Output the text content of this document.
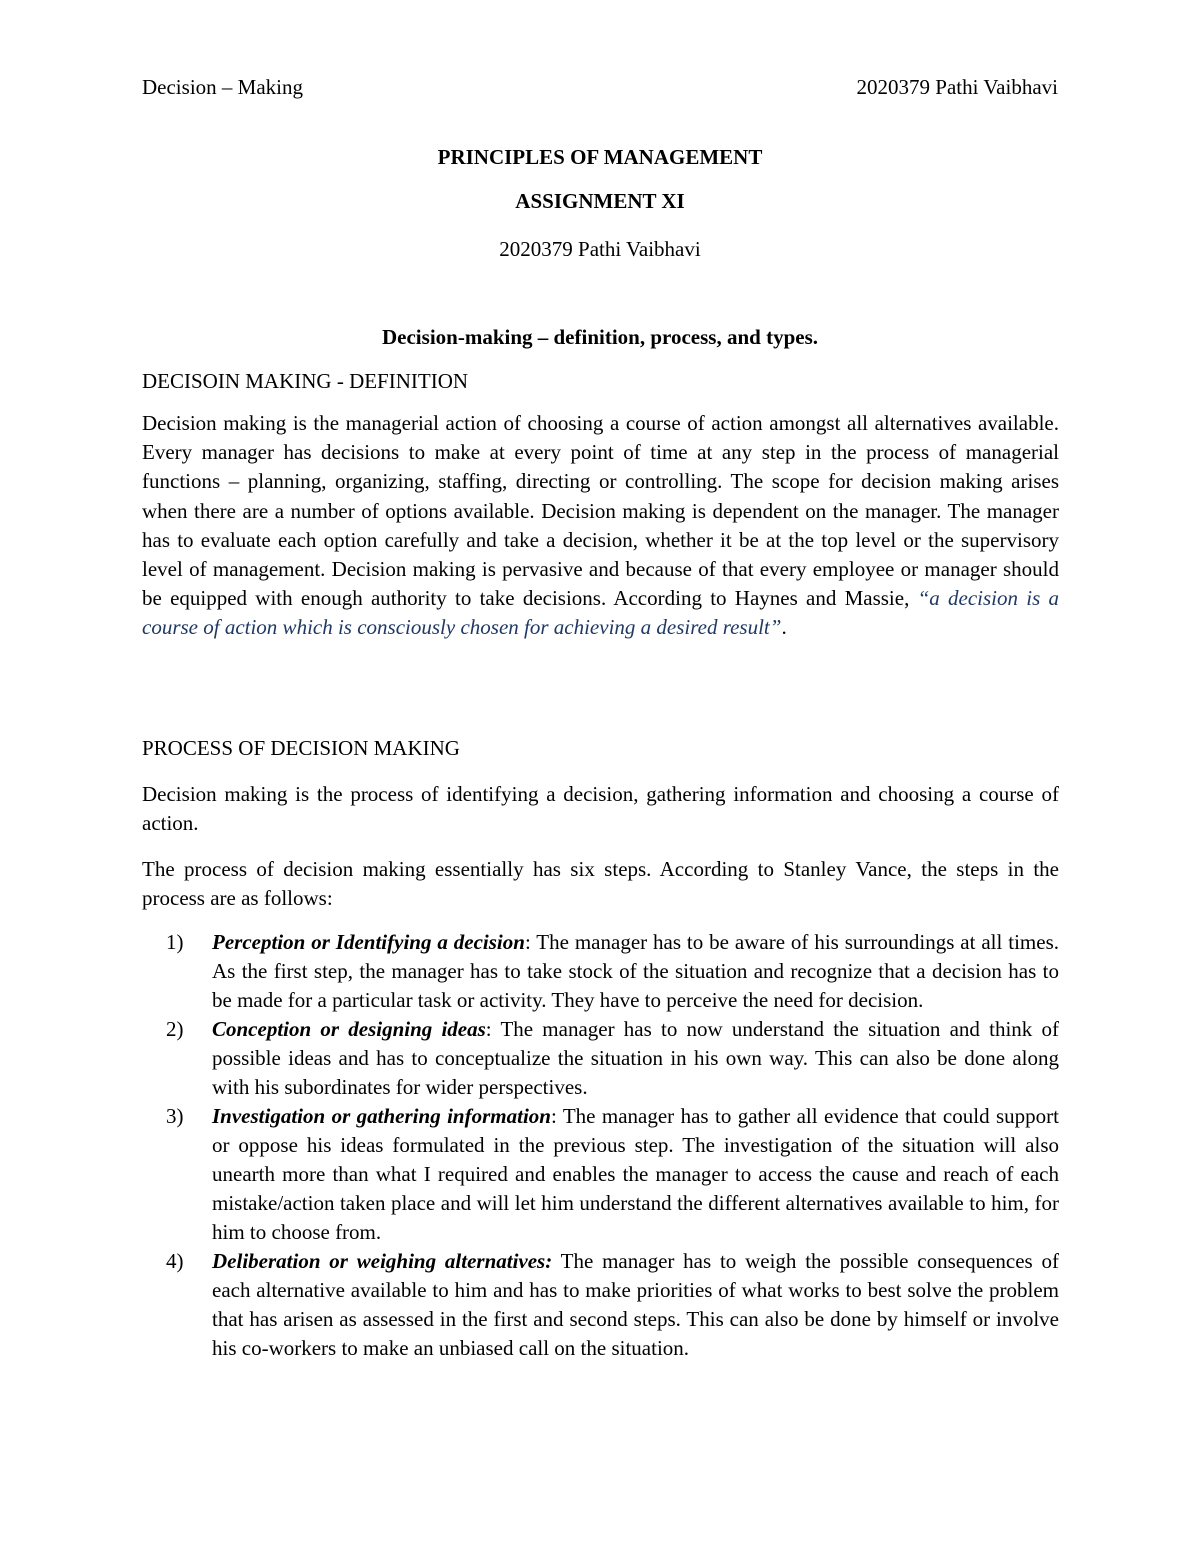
Decision – Making	2020379 Pathi Vaibhavi
PRINCIPLES OF MANAGEMENT
ASSIGNMENT XI
2020379 Pathi Vaibhavi
Decision-making – definition, process, and types.
DECISOIN MAKING - DEFINITION

Decision making is the managerial action of choosing a course of action amongst all alternatives available. Every manager has decisions to make at every point of time at any step in the process of managerial functions – planning, organizing, staffing, directing or controlling. The scope for decision making arises when there are a number of options available. Decision making is dependent on the manager. The manager has to evaluate each option carefully and take a decision, whether it be at the top level or the supervisory level of management. Decision making is pervasive and because of that every employee or manager should be equipped with enough authority to take decisions. According to Haynes and Massie, “a decision is a course of action which is consciously chosen for achieving a desired result”.

PROCESS OF DECISION MAKING

Decision making is the process of identifying a decision, gathering information and choosing a course of action.

The process of decision making essentially has six steps. According to Stanley Vance, the steps in the process are as follows:

1) Perception or Identifying a decision: The manager has to be aware of his surroundings at all times. As the first step, the manager has to take stock of the situation and recognize that a decision has to be made for a particular task or activity. They have to perceive the need for decision.
2) Conception or designing ideas: The manager has to now understand the situation and think of possible ideas and has to conceptualize the situation in his own way. This can also be done along with his subordinates for wider perspectives.
3) Investigation or gathering information: The manager has to gather all evidence that could support or oppose his ideas formulated in the previous step. The investigation of the situation will also unearth more than what I required and enables the manager to access the cause and reach of each mistake/action taken place and will let him understand the different alternatives available to him, for him to choose from.
4) Deliberation or weighing alternatives: The manager has to weigh the possible consequences of each alternative available to him and has to make priorities of what works to best solve the problem that has arisen as assessed in the first and second steps. This can also be done by himself or involve his co-workers to make an unbiased call on the situation.
